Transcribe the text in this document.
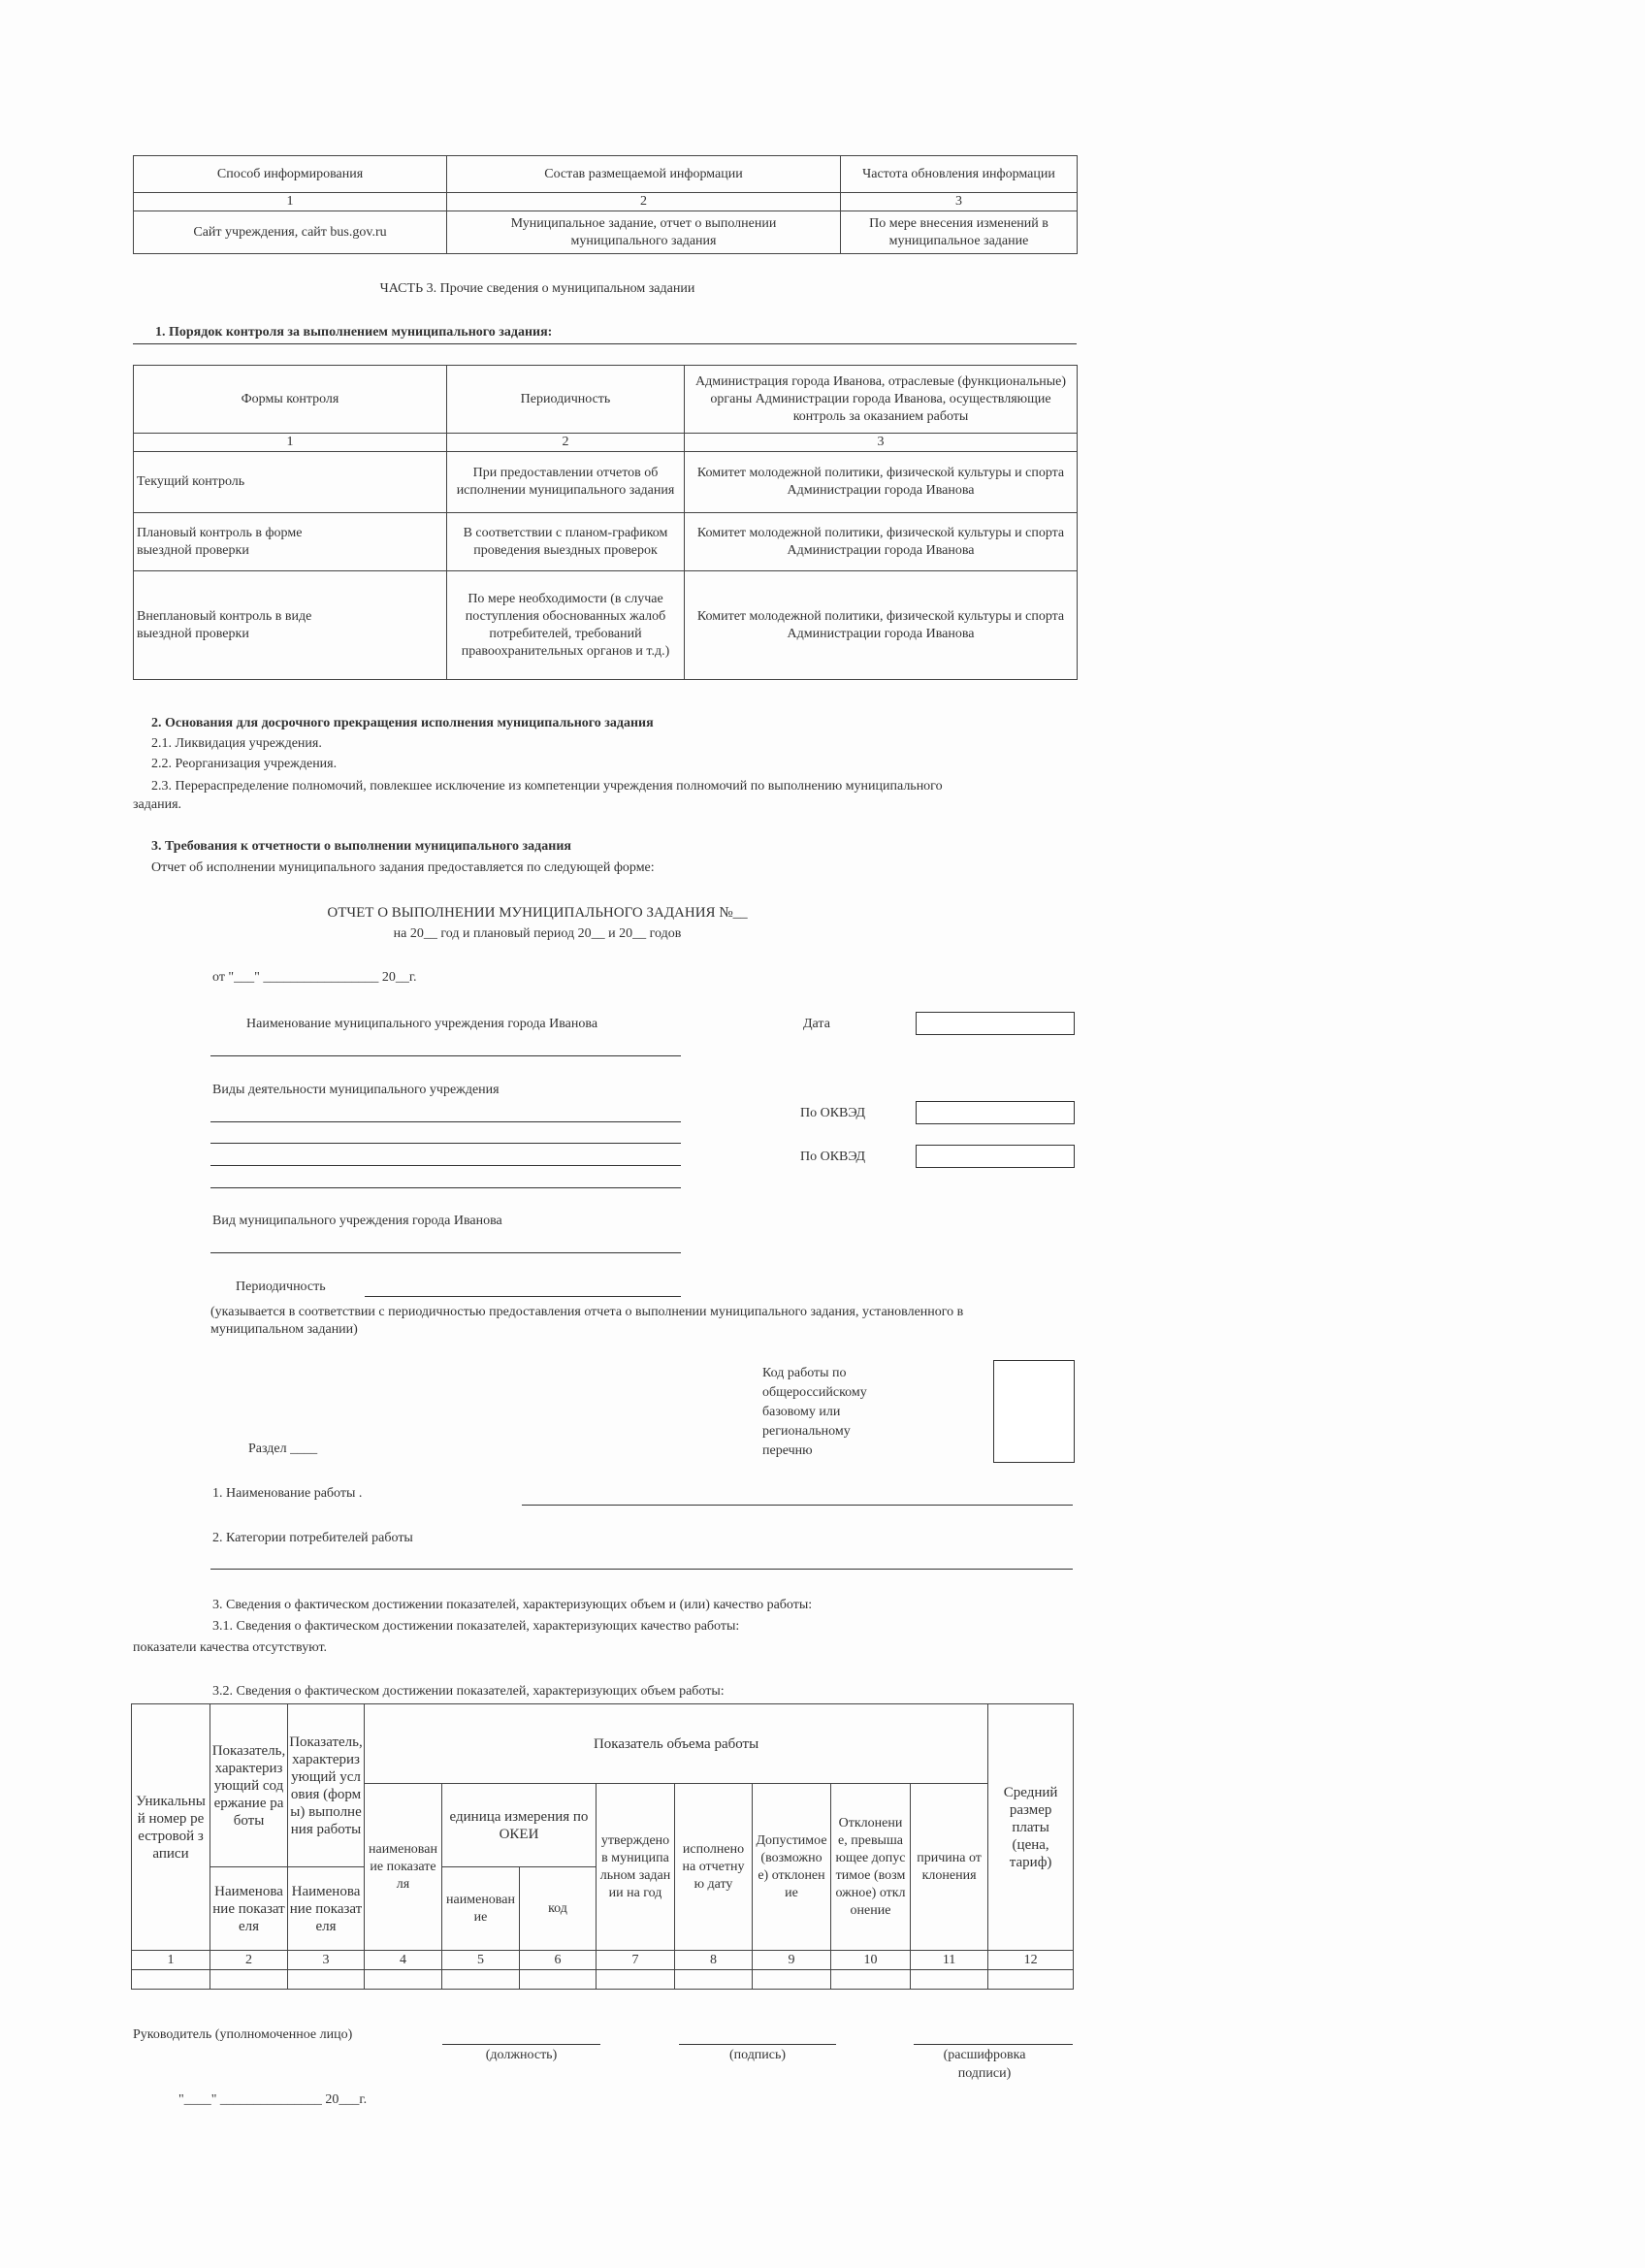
Способ информирования	Состав размещаемой информации	Частота обновления информации
1	2	3
Сайт учреждения, сайт bus.gov.ru	Муниципальное задание, отчет о выполнении муниципального задания	По мере внесения изменений в муниципальное задание
ЧАСТЬ 3. Прочие сведения о муниципальном задании
1. Порядок контроля за выполнением муниципального задания:
Формы контроля	Периодичность	Администрация города Иванова, отраслевые (функциональные) органы Администрации города Иванова, осуществляющие контроль за оказанием работы
1	2	3
Текущий контроль	При предоставлении отчетов об исполнении муниципального задания	Комитет молодежной политики, физической культуры и спорта Администрации города Иванова
Плановый контроль в форме выездной проверки	В соответствии с планом-графиком проведения выездных проверок	Комитет молодежной политики, физической культуры и спорта Администрации города Иванова
Внеплановый контроль в виде выездной проверки	По мере необходимости (в случае поступления обоснованных жалоб потребителей, требований правоохранительных органов и т.д.)	Комитет молодежной политики, физической культуры и спорта Администрации города Иванова
2. Основания для досрочного прекращения исполнения муниципального задания
2.1. Ликвидация учреждения.
2.2. Реорганизация учреждения.
2.3. Перераспределение полномочий, повлекшее исключение из компетенции учреждения полномочий по выполнению муниципального
задания.
3. Требования к отчетности о выполнении муниципального задания
Отчет об исполнении муниципального задания предоставляется по следующей форме:
ОТЧЕТ О ВЫПОЛНЕНИИ МУНИЦИПАЛЬНОГО ЗАДАНИЯ №__
на 20__ год и плановый период 20__ и 20__ годов
от "___" _________________ 20__г.
Наименование муниципального учреждения города Иванова	Дата
Виды деятельности муниципального учреждения
По ОКВЭД
По ОКВЭД
Вид муниципального учреждения города Иванова
Периодичность
(указывается в соответствии с периодичностью предоставления отчета о выполнении муниципального задания, установленного в
муниципальном задании)
Код работы по
общероссийскому
базовому или
региональному
перечню
Раздел ____
1. Наименование работы .
2. Категории потребителей работы
3. Сведения о фактическом достижении показателей, характеризующих объем и (или) качество работы:
3.1. Сведения о фактическом достижении показателей, характеризующих качество работы:
показатели качества отсутствуют.
3.2. Сведения о фактическом достижении показателей, характеризующих объем работы:
Уникальный номер реестровой записи	Показатель, характеризующий содержание работы	Показатель, характеризующий условия (формы) выполнения работы	Показатель объема работы								Средний размер платы (цена, тариф)
			наименование показателя	единица измерения по ОКЕИ		утверждено в муниципальном задании на год	исполнено на отчетную дату	Допустимое (возможное) отклонение	Отклонение, превышающее допустимое (возможное) отклонение	причина отклонения	
	Наименование показателя	Наименование показателя		наименование	код						
1	2	3	4	5	6	7	8	9	10	11	12

Руководитель (уполномоченное лицо)
(должность)	(подпись)	(расшифровка подписи)
"____" _______________ 20___г.
